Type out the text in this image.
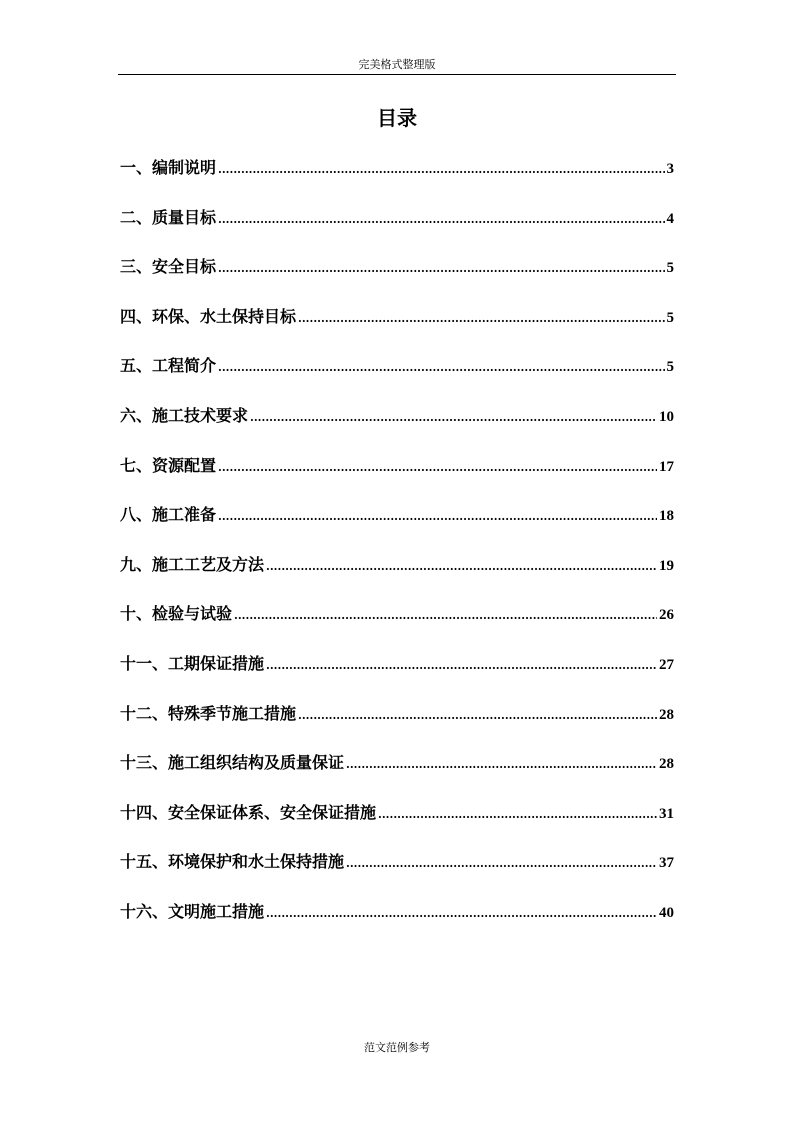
完美格式整理版
目录
一、编制说明 .....	3
二、质量目标 .....	4
三、安全目标 .....	5
四、环保、水土保持目标 .....	5
五、工程简介 .....	5
六、施工技术要求 .....	10
七、资源配置 .....	17
八、施工准备 .....	18
九、施工工艺及方法 .....	19
十、检验与试验 .....	26
十一、工期保证措施 .....	27
十二、特殊季节施工措施 .....	28
十三、施工组织结构及质量保证 .....	28
十四、安全保证体系、安全保证措施 .....	31
十五、环境保护和水土保持措施 .....	37
十六、文明施工措施 .....	40
范文范例参考
